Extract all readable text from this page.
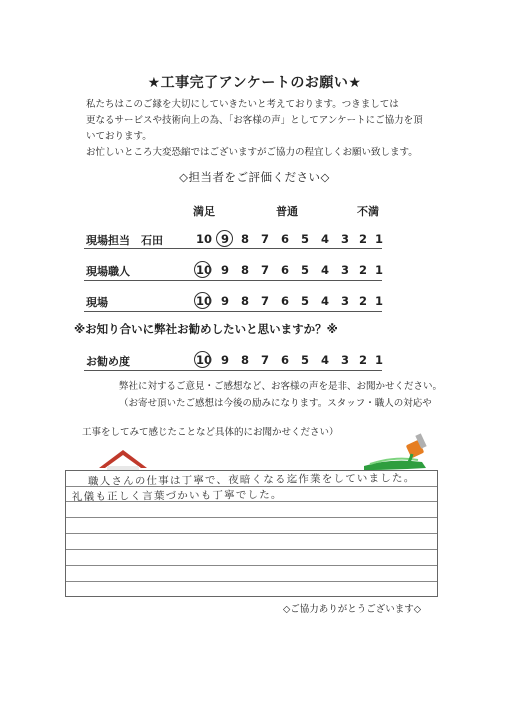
★工事完了アンケートのお願い★

私たちはこのご縁を大切にしていきたいと考えております。つきましては

更なるサービスや技術向上の為、「お客様の声」としてアンケートにご協力を頂

いております。

お忙しいところ大変恐縮ではございますがご協力の程宜しくお願い致します。

◇担当者をご評価ください◇
満足	普通	不満
現場担当　石田	10 9 8 7 6 5 4 3 2 1
現場職人	10 9 8 7 6 5 4 3 2 1
現場	10 9 8 7 6 5 4 3 2 1
※お知り合いに弊社お勧めしたいと思いますか？※
お勧め度	10 9 8 7 6 5 4 3 2 1
弊社に対するご意見・ご感想など、お客様の声を是非、お聞かせください。
（お寄せ頂いたご感想は今後の励みになります。スタッフ・職人の対応や
工事をしてみて感じたことなど具体的にお聞かせください）
職人さんの仕事は丁寧で、夜暗くなる迄作業をしていました。
礼儀も正しく言葉づかいも丁寧でした。
◇ご協力ありがとうございます◇
